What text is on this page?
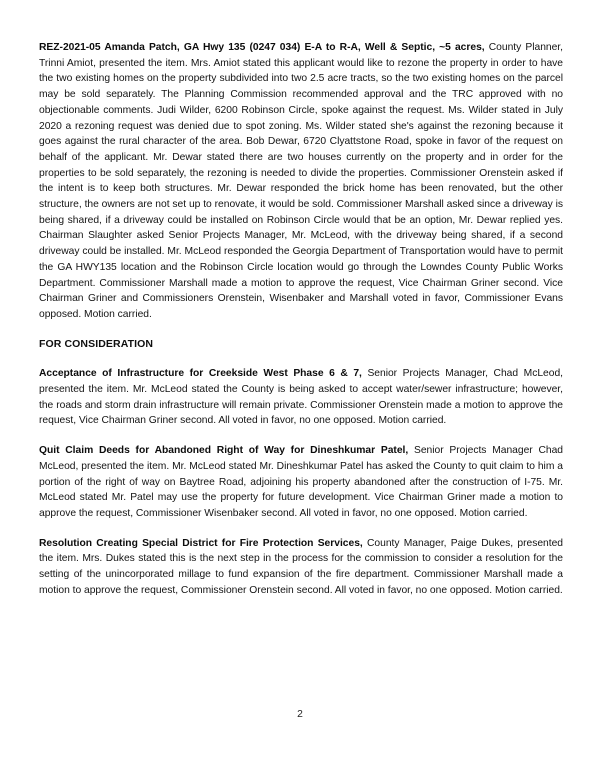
REZ-2021-05 Amanda Patch, GA Hwy 135 (0247 034) E-A to R-A, Well & Septic, ~5 acres, County Planner, Trinni Amiot, presented the item. Mrs. Amiot stated this applicant would like to rezone the property in order to have the two existing homes on the property subdivided into two 2.5 acre tracts, so the two existing homes on the parcel may be sold separately. The Planning Commission recommended approval and the TRC approved with no objectionable comments. Judi Wilder, 6200 Robinson Circle, spoke against the request. Ms. Wilder stated in July 2020 a rezoning request was denied due to spot zoning. Ms. Wilder stated she's against the rezoning because it goes against the rural character of the area. Bob Dewar, 6720 Clyattstone Road, spoke in favor of the request on behalf of the applicant. Mr. Dewar stated there are two houses currently on the property and in order for the properties to be sold separately, the rezoning is needed to divide the properties. Commissioner Orenstein asked if the intent is to keep both structures. Mr. Dewar responded the brick home has been renovated, but the other structure, the owners are not set up to renovate, it would be sold. Commissioner Marshall asked since a driveway is being shared, if a driveway could be installed on Robinson Circle would that be an option, Mr. Dewar replied yes. Chairman Slaughter asked Senior Projects Manager, Mr. McLeod, with the driveway being shared, if a second driveway could be installed. Mr. McLeod responded the Georgia Department of Transportation would have to permit the GA HWY135 location and the Robinson Circle location would go through the Lowndes County Public Works Department. Commissioner Marshall made a motion to approve the request, Vice Chairman Griner second. Vice Chairman Griner and Commissioners Orenstein, Wisenbaker and Marshall voted in favor, Commissioner Evans opposed. Motion carried.

FOR CONSIDERATION

Acceptance of Infrastructure for Creekside West Phase 6 & 7, Senior Projects Manager, Chad McLeod, presented the item. Mr. McLeod stated the County is being asked to accept water/sewer infrastructure; however, the roads and storm drain infrastructure will remain private. Commissioner Orenstein made a motion to approve the request, Vice Chairman Griner second. All voted in favor, no one opposed. Motion carried.

Quit Claim Deeds for Abandoned Right of Way for Dineshkumar Patel, Senior Projects Manager Chad McLeod, presented the item. Mr. McLeod stated Mr. Dineshkumar Patel has asked the County to quit claim to him a portion of the right of way on Baytree Road, adjoining his property abandoned after the construction of I-75. Mr. McLeod stated Mr. Patel may use the property for future development. Vice Chairman Griner made a motion to approve the request, Commissioner Wisenbaker second. All voted in favor, no one opposed. Motion carried.

Resolution Creating Special District for Fire Protection Services, County Manager, Paige Dukes, presented the item. Mrs. Dukes stated this is the next step in the process for the commission to consider a resolution for the setting of the unincorporated millage to fund expansion of the fire department. Commissioner Marshall made a motion to approve the request, Commissioner Orenstein second. All voted in favor, no one opposed. Motion carried.

2
